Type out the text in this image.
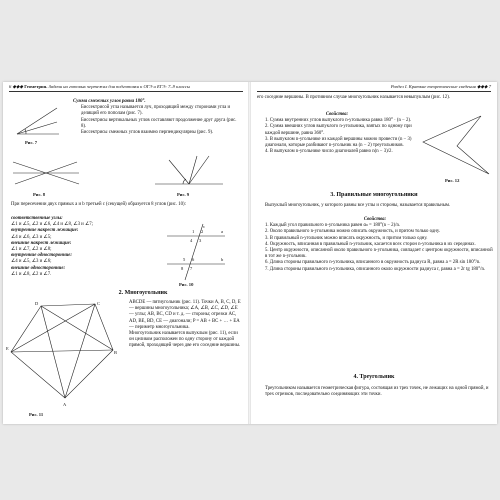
6 ◆◆◆ Геометрия. Задачи на готовых чертежах для подготовки к ОГЭ и ЕГЭ: 7–9 классы
Рис. 7
Сумма смежных углов равна 180°.
Биссектрисой угла называется луч, проходящий между сторонами угла и делящий его пополам (рис. 7).
Биссектрисы вертикальных углов составляют продолжение друг друга (рис. 8).
Биссектрисы смежных углов взаимно перпендикулярны (рис. 9).
Рис. 8	Рис. 9
При пересечении двух прямых a и b третьей c (секущей) образуется 8 углов (рис. 10):
соответственные углы:
∠1 и ∠5, ∠2 и ∠6, ∠4 и ∠8, ∠3 и ∠7;
внутренние накрест лежащие:
∠4 и ∠6, ∠3 и ∠5;
внешние накрест лежащие:
∠1 и ∠7, ∠2 и ∠8;
внутренние односторонние:
∠4 и ∠5, ∠3 и ∠6;
внешние односторонние:
∠1 и ∠8, ∠2 и ∠7.
c
a
b
1 2
3
4
5 6
7
8
Рис. 10
2. Многоугольник
D	C
E
A
B
Рис. 11
ABCDE — пятиугольник (рис. 11). Точки A, B, C, D, E — вершины многоугольника; ∠A, ∠B, ∠C, ∠D, ∠E — углы; AB, BC, CD и т. д. — стороны; отрезки AC, AD, BE, BD, CE — диагонали; P = AB + BC + … + EA — периметр многоугольника.
Многоугольник называется выпуклым (рис. 11), если он целиком расположен по одну сторону от каждой прямой, проходящей через две его соседние вершины.
Раздел I. Краткие теоретические сведения ◆◆◆ 7
его соседние вершины. В противном случае многоугольник называется невыпуклым (рис. 12).
Свойства:
1. Сумма внутренних углов выпуклого n-угольника равна 180° · (n − 2).
2. Сумма внешних углов выпуклого n-угольника, взятых по одному при каждой вершине, равна 360°.
3. В выпуклом n-угольнике из каждой вершины можно провести (n − 3) диагонали, которые разбивают n-угольник на (n − 2) треугольников.
4. В выпуклом n-угольнике число диагоналей равно n(n − 3)/2.
Рис. 12
3. Правильные многоугольники
Выпуклый многоугольник, у которого равны все углы и стороны, называется правильным.
Свойства:
1. Каждый угол правильного n-угольника равен αₙ = 180°(n − 2)/n.
2. Около правильного n-угольника можно описать окружность, и притом только одну.
3. В правильный n-угольник можно вписать окружность, и притом только одну.
4. Окружность, вписанная в правильный n-угольник, касается всех сторон n-угольника в их серединах.
5. Центр окружности, описанной около правильного n-угольника, совпадает с центром окружности, вписанной в тот же n-угольник.
6. Длина стороны правильного n-угольника, вписанного в окружность радиуса R, равна a = 2R sin 180°/n.
7. Длина стороны правильного n-угольника, описанного около окружности радиуса r, равна a = 2r tg 180°/n.
4. Треугольник
Треугольником называется геометрическая фигура, состоящая из трех точек, не лежащих на одной прямой, и трех отрезков, последовательно соединяющих эти точки.
